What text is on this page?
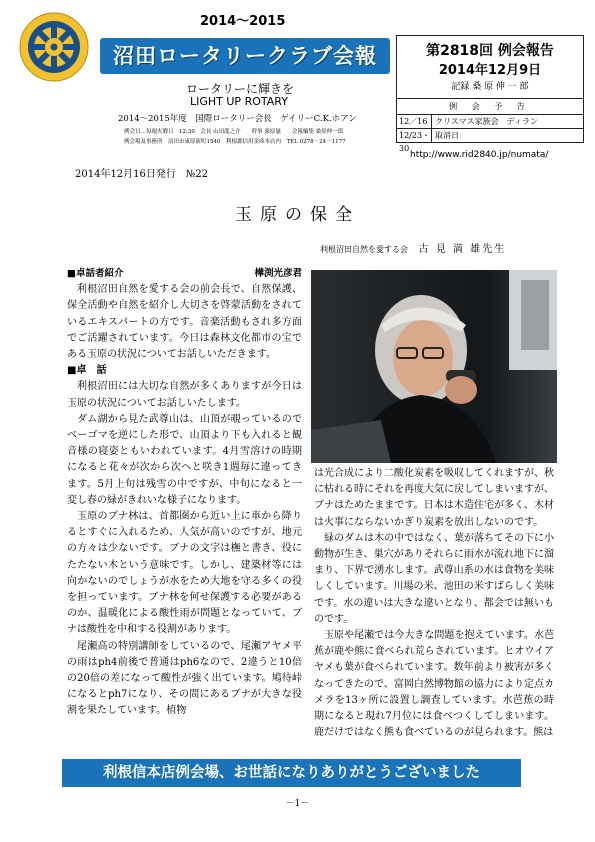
2014～2015
沼田ロータリークラブ会報
ロータリーに輝きを
LIGHT UP ROTARY
2014～2015年度　国際ロータリー会長　ゲイリーC.K.ホアン
例会日…毎週火曜日　12:30　会長 山田龍之介　　幹事 桑原滋　　会報編集 桑原伸一郎
例会場及事務所　沼田市東原新町1540　利根郡信用金庫本店内　TEL 0278－24－1177
第2818回 例会報告
2014年12月9日
記録 桑 原 伸 一 郎
例 会 予 告
12／16 クリスマス家族会　ディラン
12/23・30
取消日
http://www.rid2840.jp/numata/
2014年12月16日発行　№22
玉原の保全
利根沼田自然を愛する会 古 見 満 雄先生
■卓話者紹介	樺渕光彦君

利根沼田自然を愛する会の前会長で、自然保護、保全活動や自然を紹介し大切さを啓蒙活動をされているエキスパートの方です。音楽活動もされ多方面でご活躍されています。今日は森林文化都市の宝である玉原の状況についてお話しいただきます。

■卓　話

利根沼田には大切な自然が多くありますが今日は玉原の状況についてお話しいたします。

ダム湖から見た武尊山は、山頂が覗っているのでベーゴマを逆にした形で、山頂より下も入れると観音様の寝姿ともいわれています。4月雪溶けの時期になると花々が次から次へと咲き1週毎に違ってきます。5月上旬は残雪の中ですが、中旬になると一変し春の緑がきれいな様子になります。

玉原のブナ林は、首都圏から近い上に車から降りるとすぐに入れるため、人気が高いのですが、地元の方々は少ないです。ブナの文字は橅と書き、役にたたない木という意味です。しかし、建築材等には向かないのでしょうが水をため大地を守る多くの役を担っています。ブナ林を何せ保護する必要があるのか、温暖化による酸性雨が問題となっていて、ブナは酸性を中和する役割があります。

尾瀬高の特別講師をしているので、尾瀬アヤメ平の雨はph4前後で普通はph6なので、2違うと10倍の20倍の差になって酸性が強く出ています。鳩待峠になるとph7になり、その間にあるブナが大きな役割を果たしています。植物

は光合成により二酸化炭素を吸収してくれますが、秋に枯れる時にそれを再度大気に戻してしまいますが、ブナはためたままです。日本は木造住宅が多く、木材は火事にならないかぎり炭素を放出しないのです。

緑のダムは木の中ではなく、葉が落ちてその下に小動物が生き、巣穴がありそれらに雨水が流れ地下に溜まり、下界で湧水します。武尊山系の水は食物を美味しくしています。川場の米、池田の米すばらしく美味です。水の違いは大きな違いとなり、都会では無いものです。

玉原や尾瀬では今大きな問題を抱えています。水芭蕉が鹿や熊に食べられ荒らされています。ヒオウイアヤメも葉が食べられています。数年前より被害が多くなってきたので、富岡白然博物館の協力により定点カメラを13ヶ所に設置し調査しています。水芭蕉の時期になると現れ7月位には食べつくしてしまいます。鹿だけではなく熊も食べているのが見られます。熊は

利根信本店例会場、お世話になりありがとうございました
－1－
